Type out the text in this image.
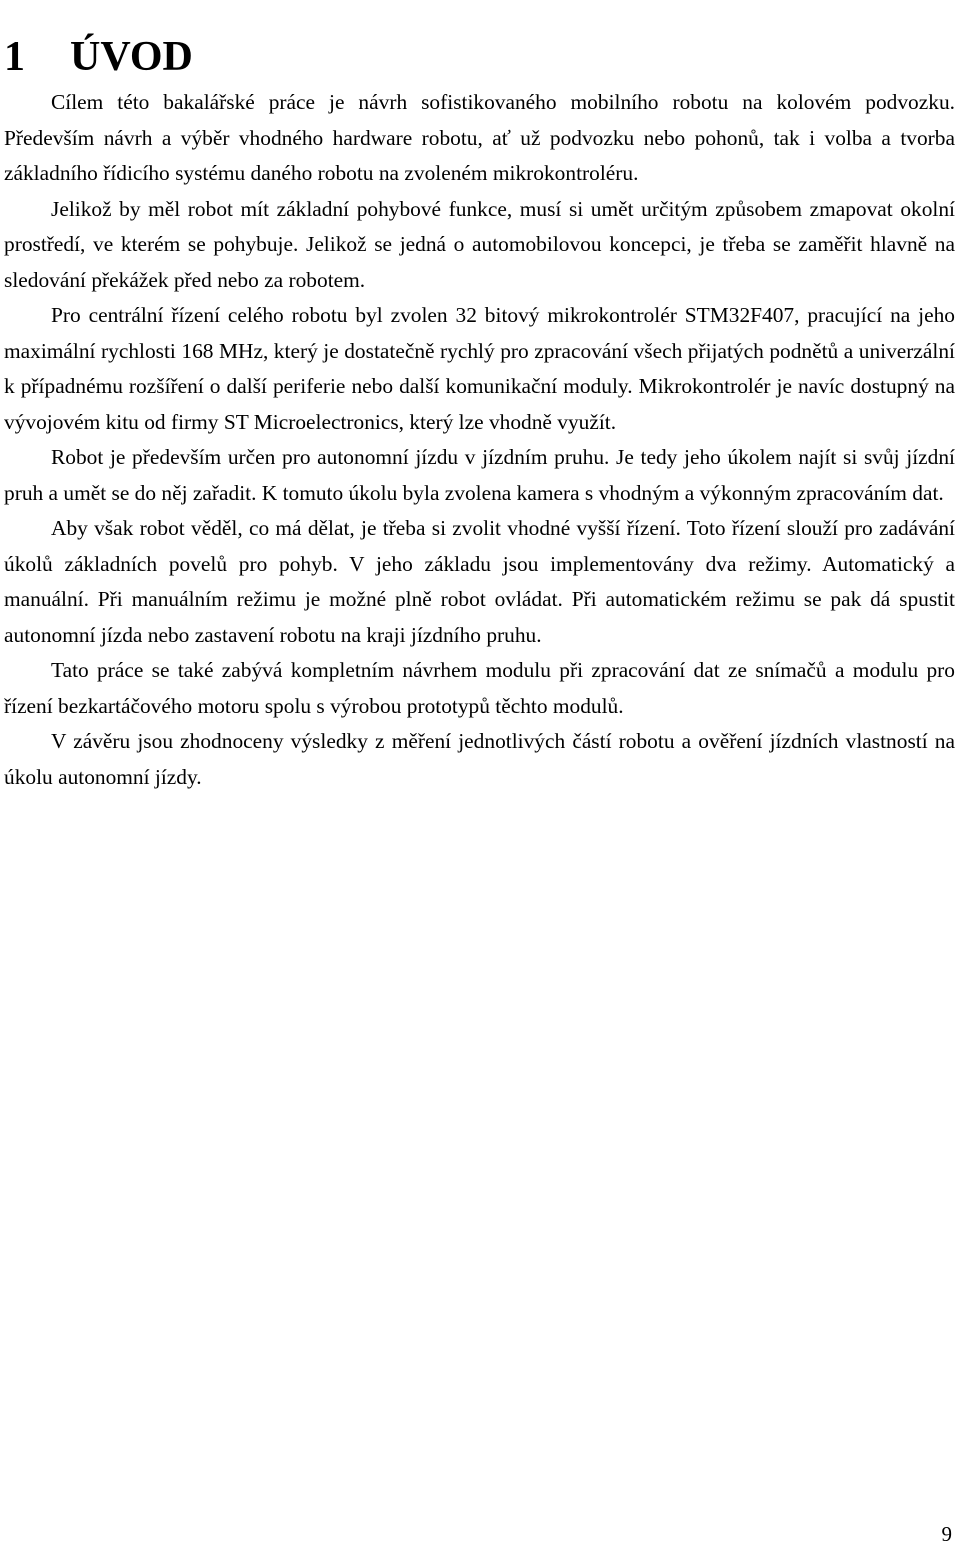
1 ÚVOD

Cílem této bakalářské práce je návrh sofistikovaného mobilního robotu na kolovém podvozku. Především návrh a výběr vhodného hardware robotu, ať už podvozku nebo pohonů, tak i volba a tvorba základního řídicího systému daného robotu na zvoleném mikrokontroléru.

Jelikož by měl robot mít základní pohybové funkce, musí si umět určitým způsobem zmapovat okolní prostředí, ve kterém se pohybuje. Jelikož se jedná o automobilovou koncepci, je třeba se zaměřit hlavně na sledování překážek před nebo za robotem.

Pro centrální řízení celého robotu byl zvolen 32 bitový mikrokontrolér STM32F407, pracující na jeho maximální rychlosti 168 MHz, který je dostatečně rychlý pro zpracování všech přijatých podnětů a univerzální k případnému rozšíření o další periferie nebo další komunikační moduly. Mikrokontrolér je navíc dostupný na vývojovém kitu od firmy ST Microelectronics, který lze vhodně využít.

Robot je především určen pro autonomní jízdu v jízdním pruhu. Je tedy jeho úkolem najít si svůj jízdní pruh a umět se do něj zařadit. K tomuto úkolu byla zvolena kamera s vhodným a výkonným zpracováním dat.

Aby však robot věděl, co má dělat, je třeba si zvolit vhodné vyšší řízení. Toto řízení slouží pro zadávání úkolů základních povelů pro pohyb. V jeho základu jsou implementovány dva režimy. Automatický a manuální. Při manuálním režimu je možné plně robot ovládat. Při automatickém režimu se pak dá spustit autonomní jízda nebo zastavení robotu na kraji jízdního pruhu.

Tato práce se také zabývá kompletním návrhem modulu při zpracování dat ze snímačů a modulu pro řízení bezkartáčového motoru spolu s výrobou prototypů těchto modulů.

V závěru jsou zhodnoceny výsledky z měření jednotlivých částí robotu a ověření jízdních vlastností na úkolu autonomní jízdy.

9
